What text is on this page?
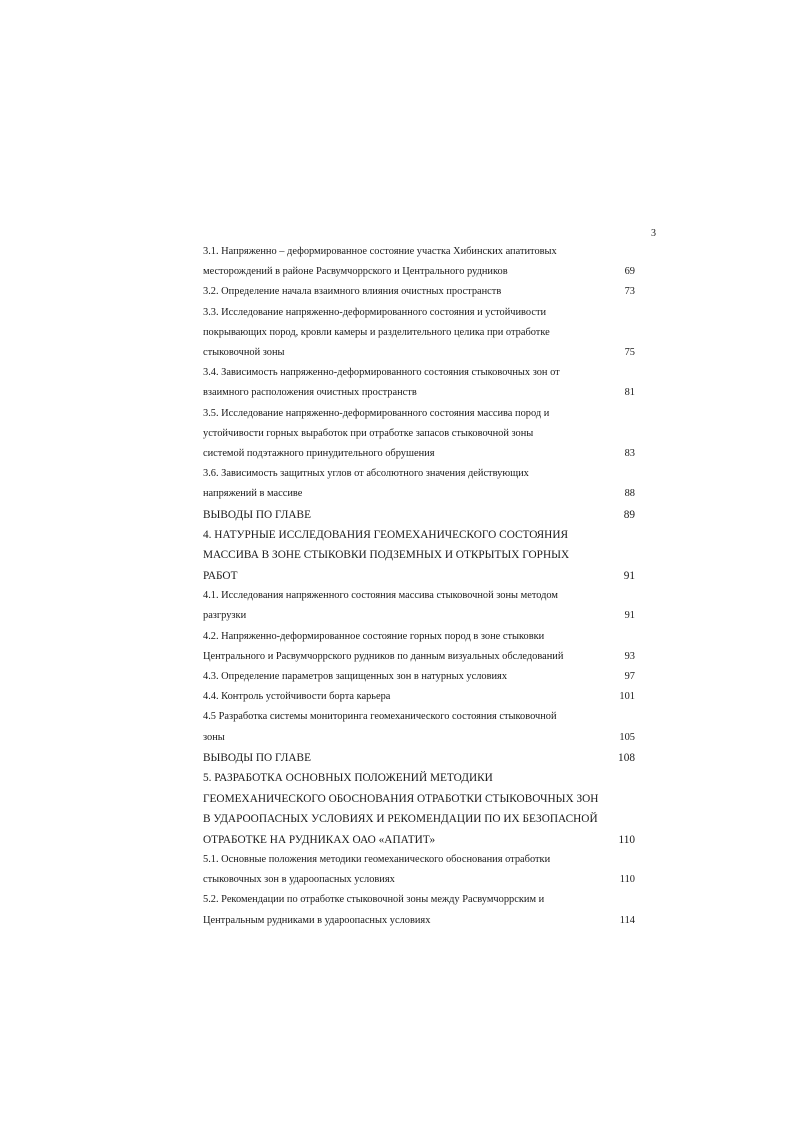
3
3.1. Напряженно – деформированное состояние участка Хибинских апатитовых
месторождений в районе Расвумчоррского и Центрального рудников	69
3.2. Определение начала взаимного влияния очистных пространств	73
3.3. Исследование напряженно-деформированного состояния и устойчивости
покрывающих пород, кровли камеры и разделительного целика при отработке
стыковочной зоны	75
3.4. Зависимость напряженно-деформированного состояния стыковочных зон от
взаимного расположения очистных пространств	81
3.5. Исследование напряженно-деформированного состояния массива пород и
устойчивости горных выработок при отработке запасов стыковочной зоны
системой подэтажного принудительного обрушения	83
3.6. Зависимость защитных углов от абсолютного значения действующих
напряжений в массиве	88
ВЫВОДЫ ПО ГЛАВЕ	89
4. НАТУРНЫЕ ИССЛЕДОВАНИЯ ГЕОМЕХАНИЧЕСКОГО СОСТОЯНИЯ
МАССИВА В ЗОНЕ СТЫКОВКИ ПОДЗЕМНЫХ И ОТКРЫТЫХ ГОРНЫХ
РАБОТ	91
4.1. Исследования напряженного состояния массива стыковочной зоны методом
разгрузки	91
4.2. Напряженно-деформированное состояние горных пород в зоне стыковки
Центрального и Расвумчоррского рудников по данным визуальных обследований	93
4.3. Определение параметров защищенных зон в натурных условиях	97
4.4. Контроль устойчивости борта карьера	101
4.5 Разработка системы мониторинга геомеханического состояния стыковочной
зоны	105
ВЫВОДЫ ПО ГЛАВЕ	108
5. РАЗРАБОТКА ОСНОВНЫХ ПОЛОЖЕНИЙ МЕТОДИКИ
ГЕОМЕХАНИЧЕСКОГО ОБОСНОВАНИЯ ОТРАБОТКИ СТЫКОВОЧНЫХ ЗОН
В УДАРООПАСНЫХ УСЛОВИЯХ И РЕКОМЕНДАЦИИ ПО ИХ БЕЗОПАСНОЙ
ОТРАБОТКЕ НА РУДНИКАХ ОАО «АПАТИТ»	110
5.1. Основные положения методики геомеханического обоснования отработки
стыковочных зон в удароопасных условиях	110
5.2. Рекомендации по отработке стыковочной зоны между Расвумчоррским и
Центральным рудниками в удароопасных условиях	114
